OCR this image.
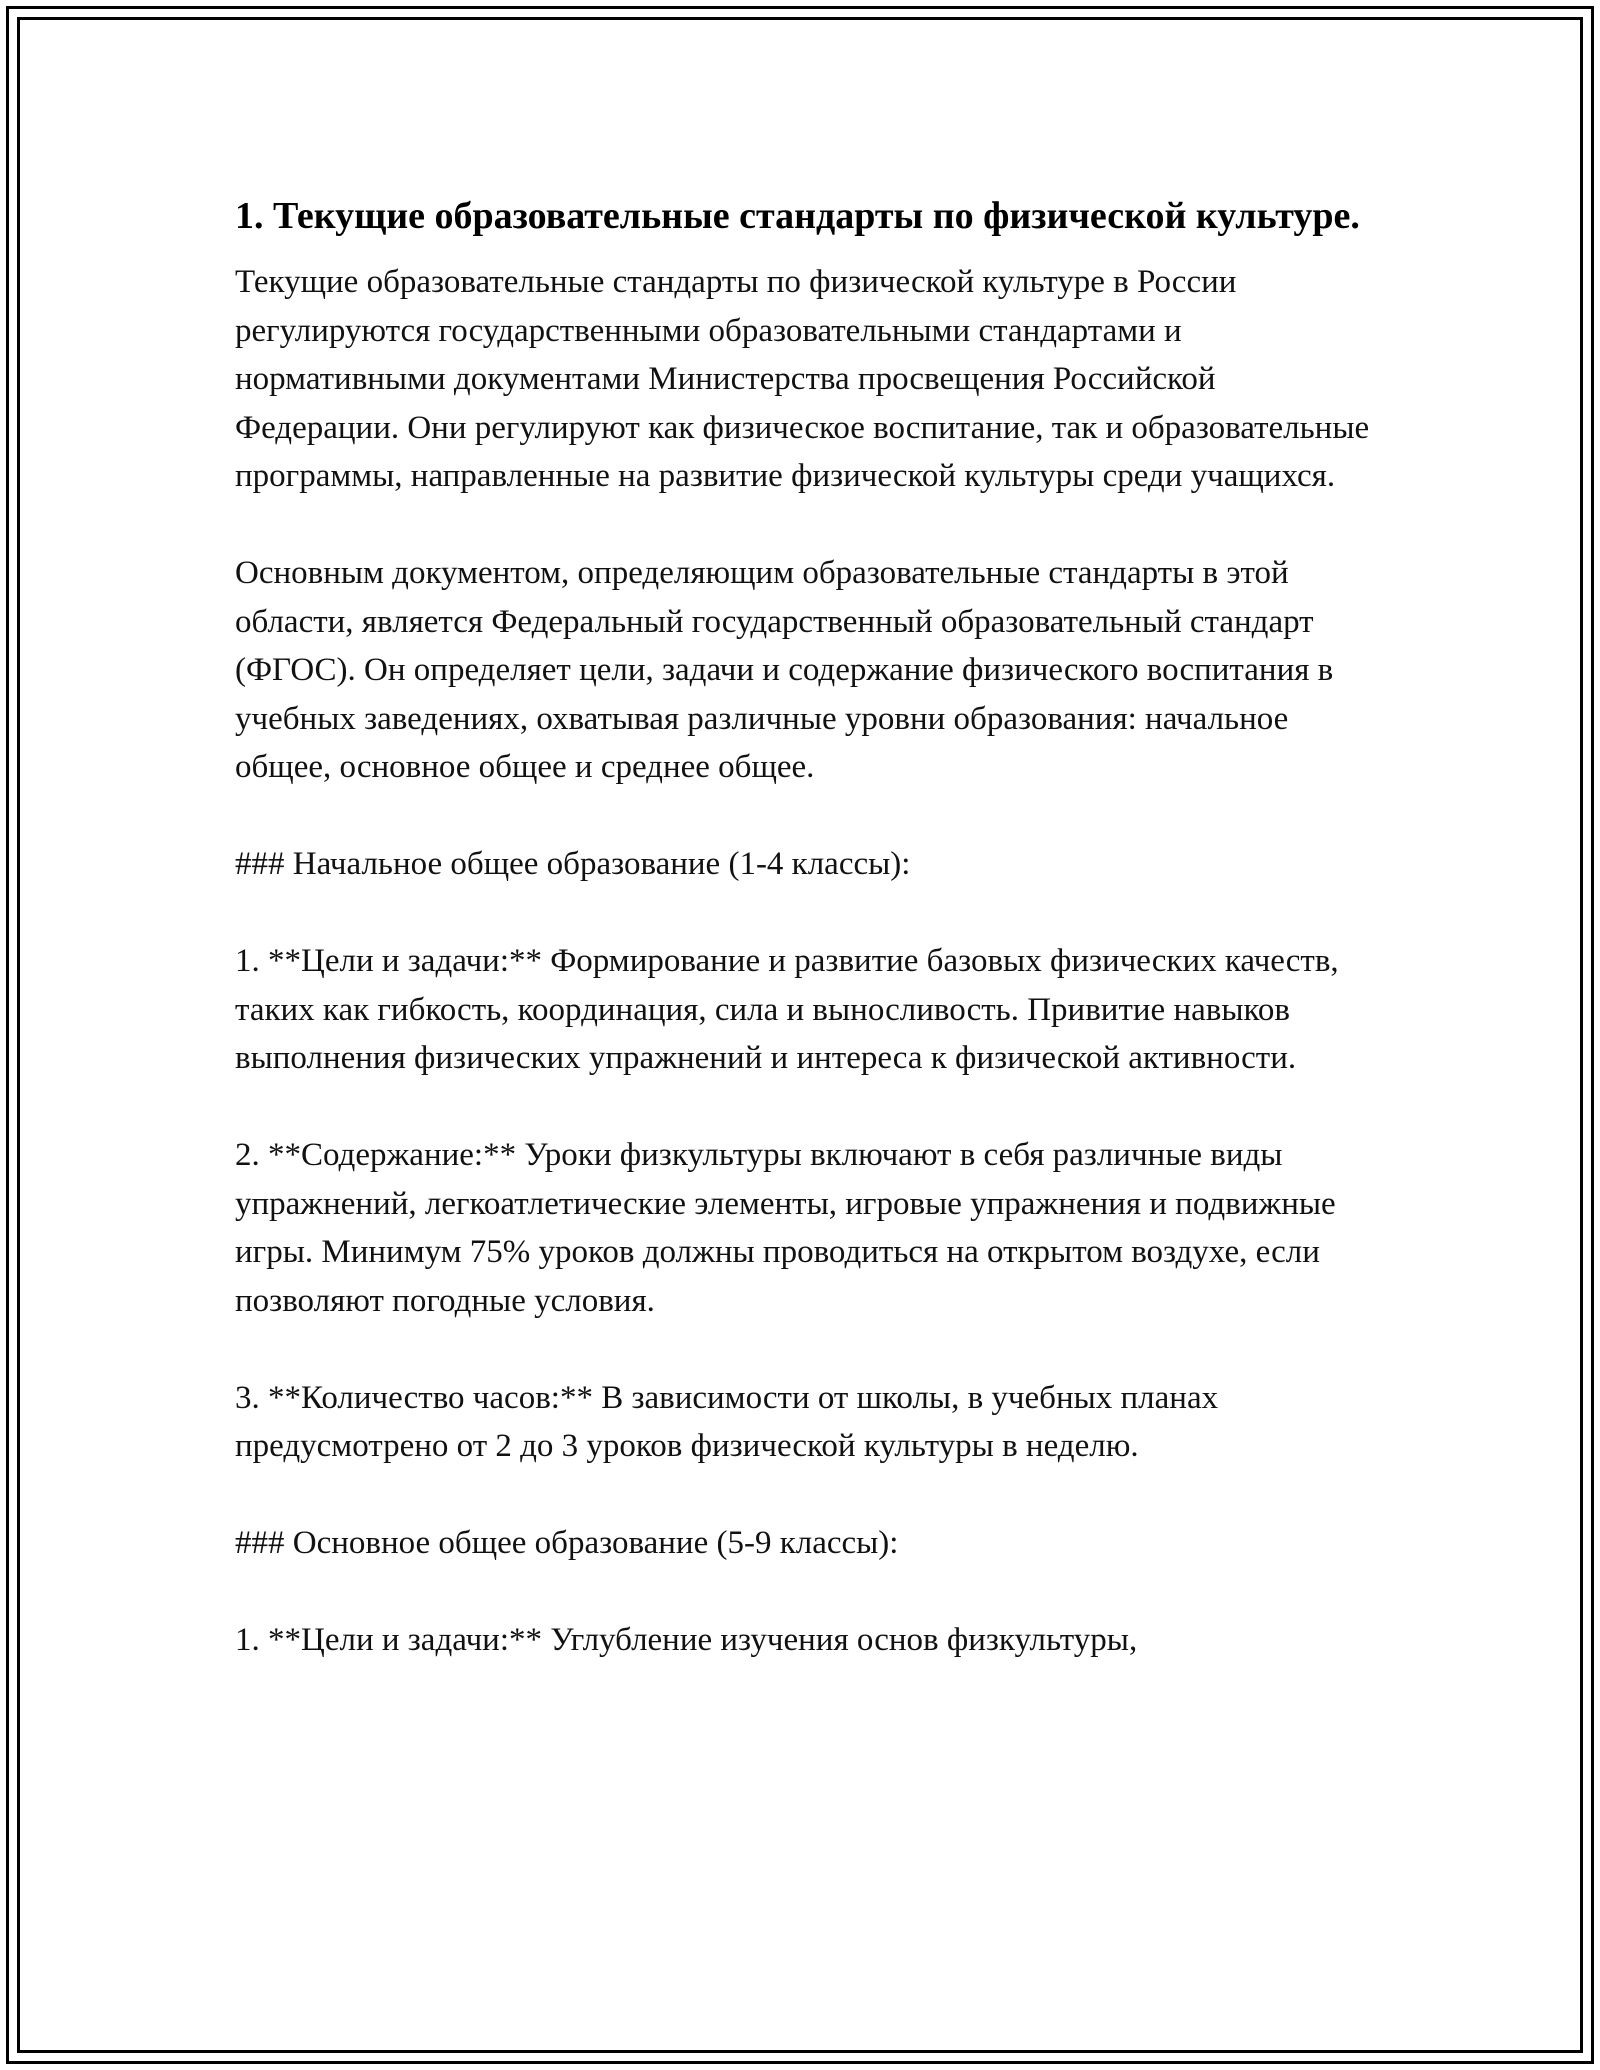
1. Текущие образовательные стандарты по физической культуре.

Текущие образовательные стандарты по физической культуре в России регулируются государственными образовательными стандартами и нормативными документами Министерства просвещения Российской Федерации. Они регулируют как физическое воспитание, так и образовательные программы, направленные на развитие физической культуры среди учащихся.

Основным документом, определяющим образовательные стандарты в этой области, является Федеральный государственный образовательный стандарт (ФГОС). Он определяет цели, задачи и содержание физического воспитания в учебных заведениях, охватывая различные уровни образования: начальное общее, основное общее и среднее общее.

### Начальное общее образование (1-4 классы):

1. **Цели и задачи:** Формирование и развитие базовых физических качеств, таких как гибкость, координация, сила и выносливость. Привитие навыков выполнения физических упражнений и интереса к физической активности.

2. **Содержание:** Уроки физкультуры включают в себя различные виды упражнений, легкоатлетические элементы, игровые упражнения и подвижные игры. Минимум 75% уроков должны проводиться на открытом воздухе, если позволяют погодные условия.

3. **Количество часов:** В зависимости от школы, в учебных планах предусмотрено от 2 до 3 уроков физической культуры в неделю.

### Основное общее образование (5-9 классы):

1. **Цели и задачи:** Углубление изучения основ физкультуры,
